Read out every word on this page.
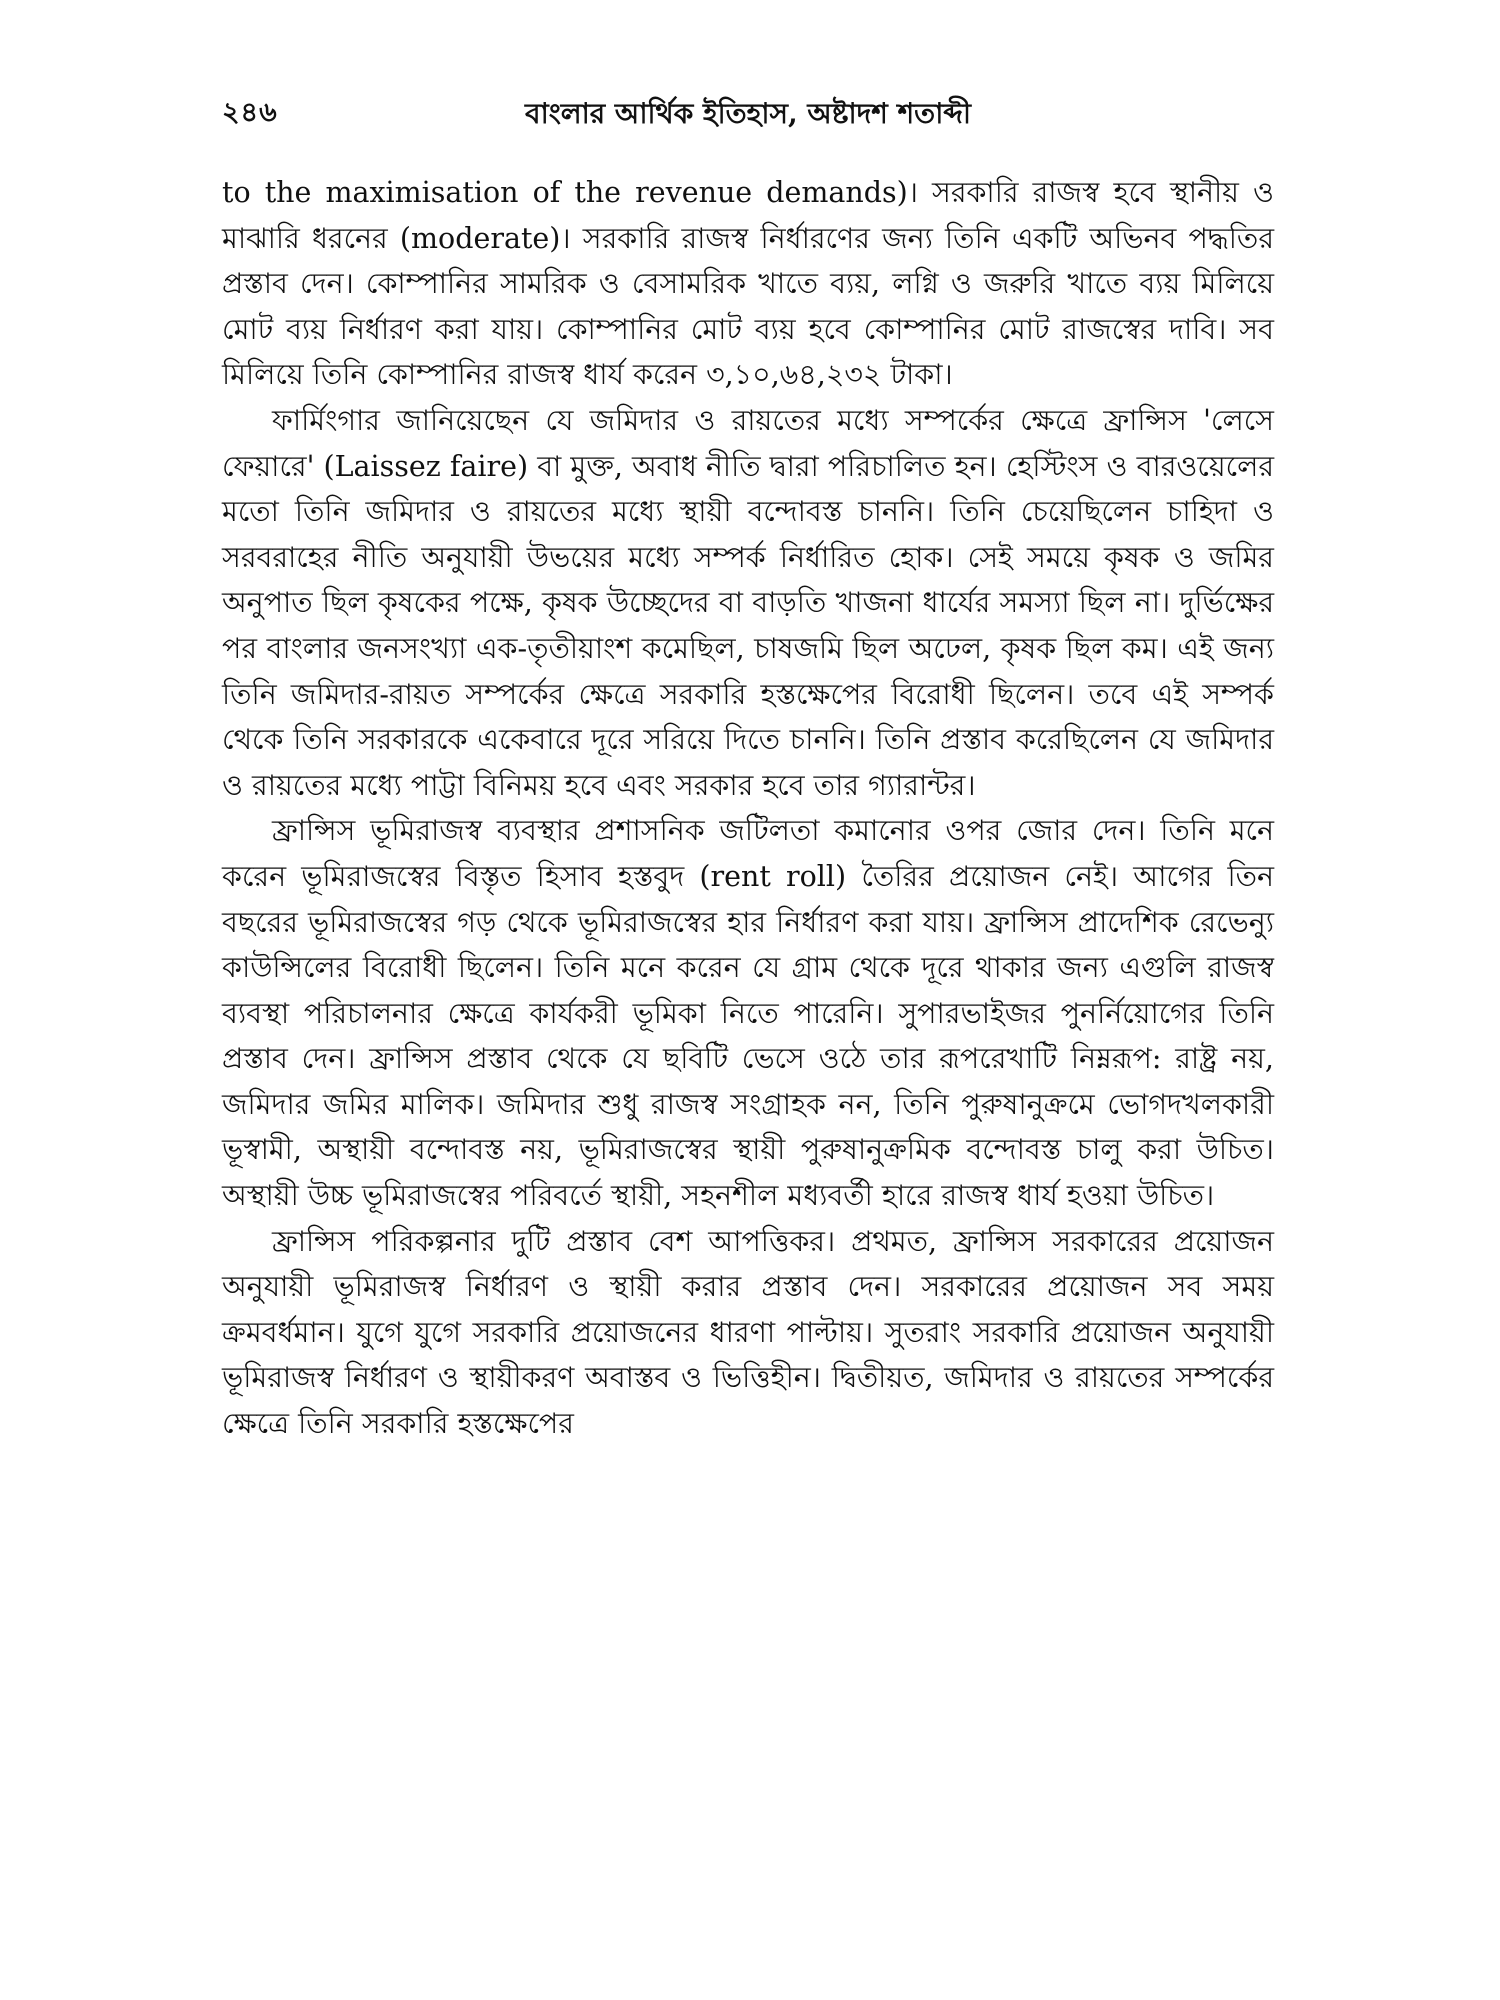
২৪৬	বাংলার আর্থিক ইতিহাস, অষ্টাদশ শতাব্দী

to the maximisation of the revenue demands)। সরকারি রাজস্ব হবে স্থানীয় ও মাঝারি ধরনের (moderate)। সরকারি রাজস্ব নির্ধারণের জন্য তিনি একটি অভিনব পদ্ধতির প্রস্তাব দেন। কোম্পানির সামরিক ও বেসামরিক খাতে ব্যয়, লগ্নি ও জরুরি খাতে ব্যয় মিলিয়ে মোট ব্যয় নির্ধারণ করা যায়। কোম্পানির মোট ব্যয় হবে কোম্পানির মোট রাজস্বের দাবি। সব মিলিয়ে তিনি কোম্পানির রাজস্ব ধার্য করেন ৩,১০,৬৪,২৩২ টাকা।

ফার্মিংগার জানিয়েছেন যে জমিদার ও রায়তের মধ্যে সম্পর্কের ক্ষেত্রে ফ্রান্সিস 'লেসে ফেয়ারে' (Laissez faire) বা মুক্ত, অবাধ নীতি দ্বারা পরিচালিত হন। হেস্টিংস ও বারওয়েলের মতো তিনি জমিদার ও রায়তের মধ্যে স্থায়ী বন্দোবস্ত চাননি। তিনি চেয়েছিলেন চাহিদা ও সরবরাহের নীতি অনুযায়ী উভয়ের মধ্যে সম্পর্ক নির্ধারিত হোক। সেই সময়ে কৃষক ও জমির অনুপাত ছিল কৃষকের পক্ষে, কৃষক উচ্ছেদের বা বাড়তি খাজনা ধার্যের সমস্যা ছিল না। দুর্ভিক্ষের পর বাংলার জনসংখ্যা এক-তৃতীয়াংশ কমেছিল, চাষজমি ছিল অঢেল, কৃষক ছিল কম। এই জন্য তিনি জমিদার-রায়ত সম্পর্কের ক্ষেত্রে সরকারি হস্তক্ষেপের বিরোধী ছিলেন। তবে এই সম্পর্ক থেকে তিনি সরকারকে একেবারে দূরে সরিয়ে দিতে চাননি। তিনি প্রস্তাব করেছিলেন যে জমিদার ও রায়তের মধ্যে পাট্টা বিনিময় হবে এবং সরকার হবে তার গ্যারান্টর।

ফ্রান্সিস ভূমিরাজস্ব ব্যবস্থার প্রশাসনিক জটিলতা কমানোর ওপর জোর দেন। তিনি মনে করেন ভূমিরাজস্বের বিস্তৃত হিসাব হস্তবুদ (rent roll) তৈরির প্রয়োজন নেই। আগের তিন বছরের ভূমিরাজস্বের গড় থেকে ভূমিরাজস্বের হার নির্ধারণ করা যায়। ফ্রান্সিস প্রাদেশিক রেভেন্যু কাউন্সিলের বিরোধী ছিলেন। তিনি মনে করেন যে গ্রাম থেকে দূরে থাকার জন্য এগুলি রাজস্ব ব্যবস্থা পরিচালনার ক্ষেত্রে কার্যকরী ভূমিকা নিতে পারেনি। সুপারভাইজর পুনর্নিয়োগের তিনি প্রস্তাব দেন। ফ্রান্সিস প্রস্তাব থেকে যে ছবিটি ভেসে ওঠে তার রূপরেখাটি নিম্নরূপ: রাষ্ট্র নয়, জমিদার জমির মালিক। জমিদার শুধু রাজস্ব সংগ্রাহক নন, তিনি পুরুষানুক্রমে ভোগদখলকারী ভূস্বামী, অস্থায়ী বন্দোবস্ত নয়, ভূমিরাজস্বের স্থায়ী পুরুষানুক্রমিক বন্দোবস্ত চালু করা উচিত। অস্থায়ী উচ্চ ভূমিরাজস্বের পরিবর্তে স্থায়ী, সহনশীল মধ্যবর্তী হারে রাজস্ব ধার্য হওয়া উচিত।

ফ্রান্সিস পরিকল্পনার দুটি প্রস্তাব বেশ আপত্তিকর। প্রথমত, ফ্রান্সিস সরকারের প্রয়োজন অনুযায়ী ভূমিরাজস্ব নির্ধারণ ও স্থায়ী করার প্রস্তাব দেন। সরকারের প্রয়োজন সব সময় ক্রমবর্ধমান। যুগে যুগে সরকারি প্রয়োজনের ধারণা পাল্টায়। সুতরাং সরকারি প্রয়োজন অনুযায়ী ভূমিরাজস্ব নির্ধারণ ও স্থায়ীকরণ অবাস্তব ও ভিত্তিহীন। দ্বিতীয়ত, জমিদার ও রায়তের সম্পর্কের ক্ষেত্রে তিনি সরকারি হস্তক্ষেপের
